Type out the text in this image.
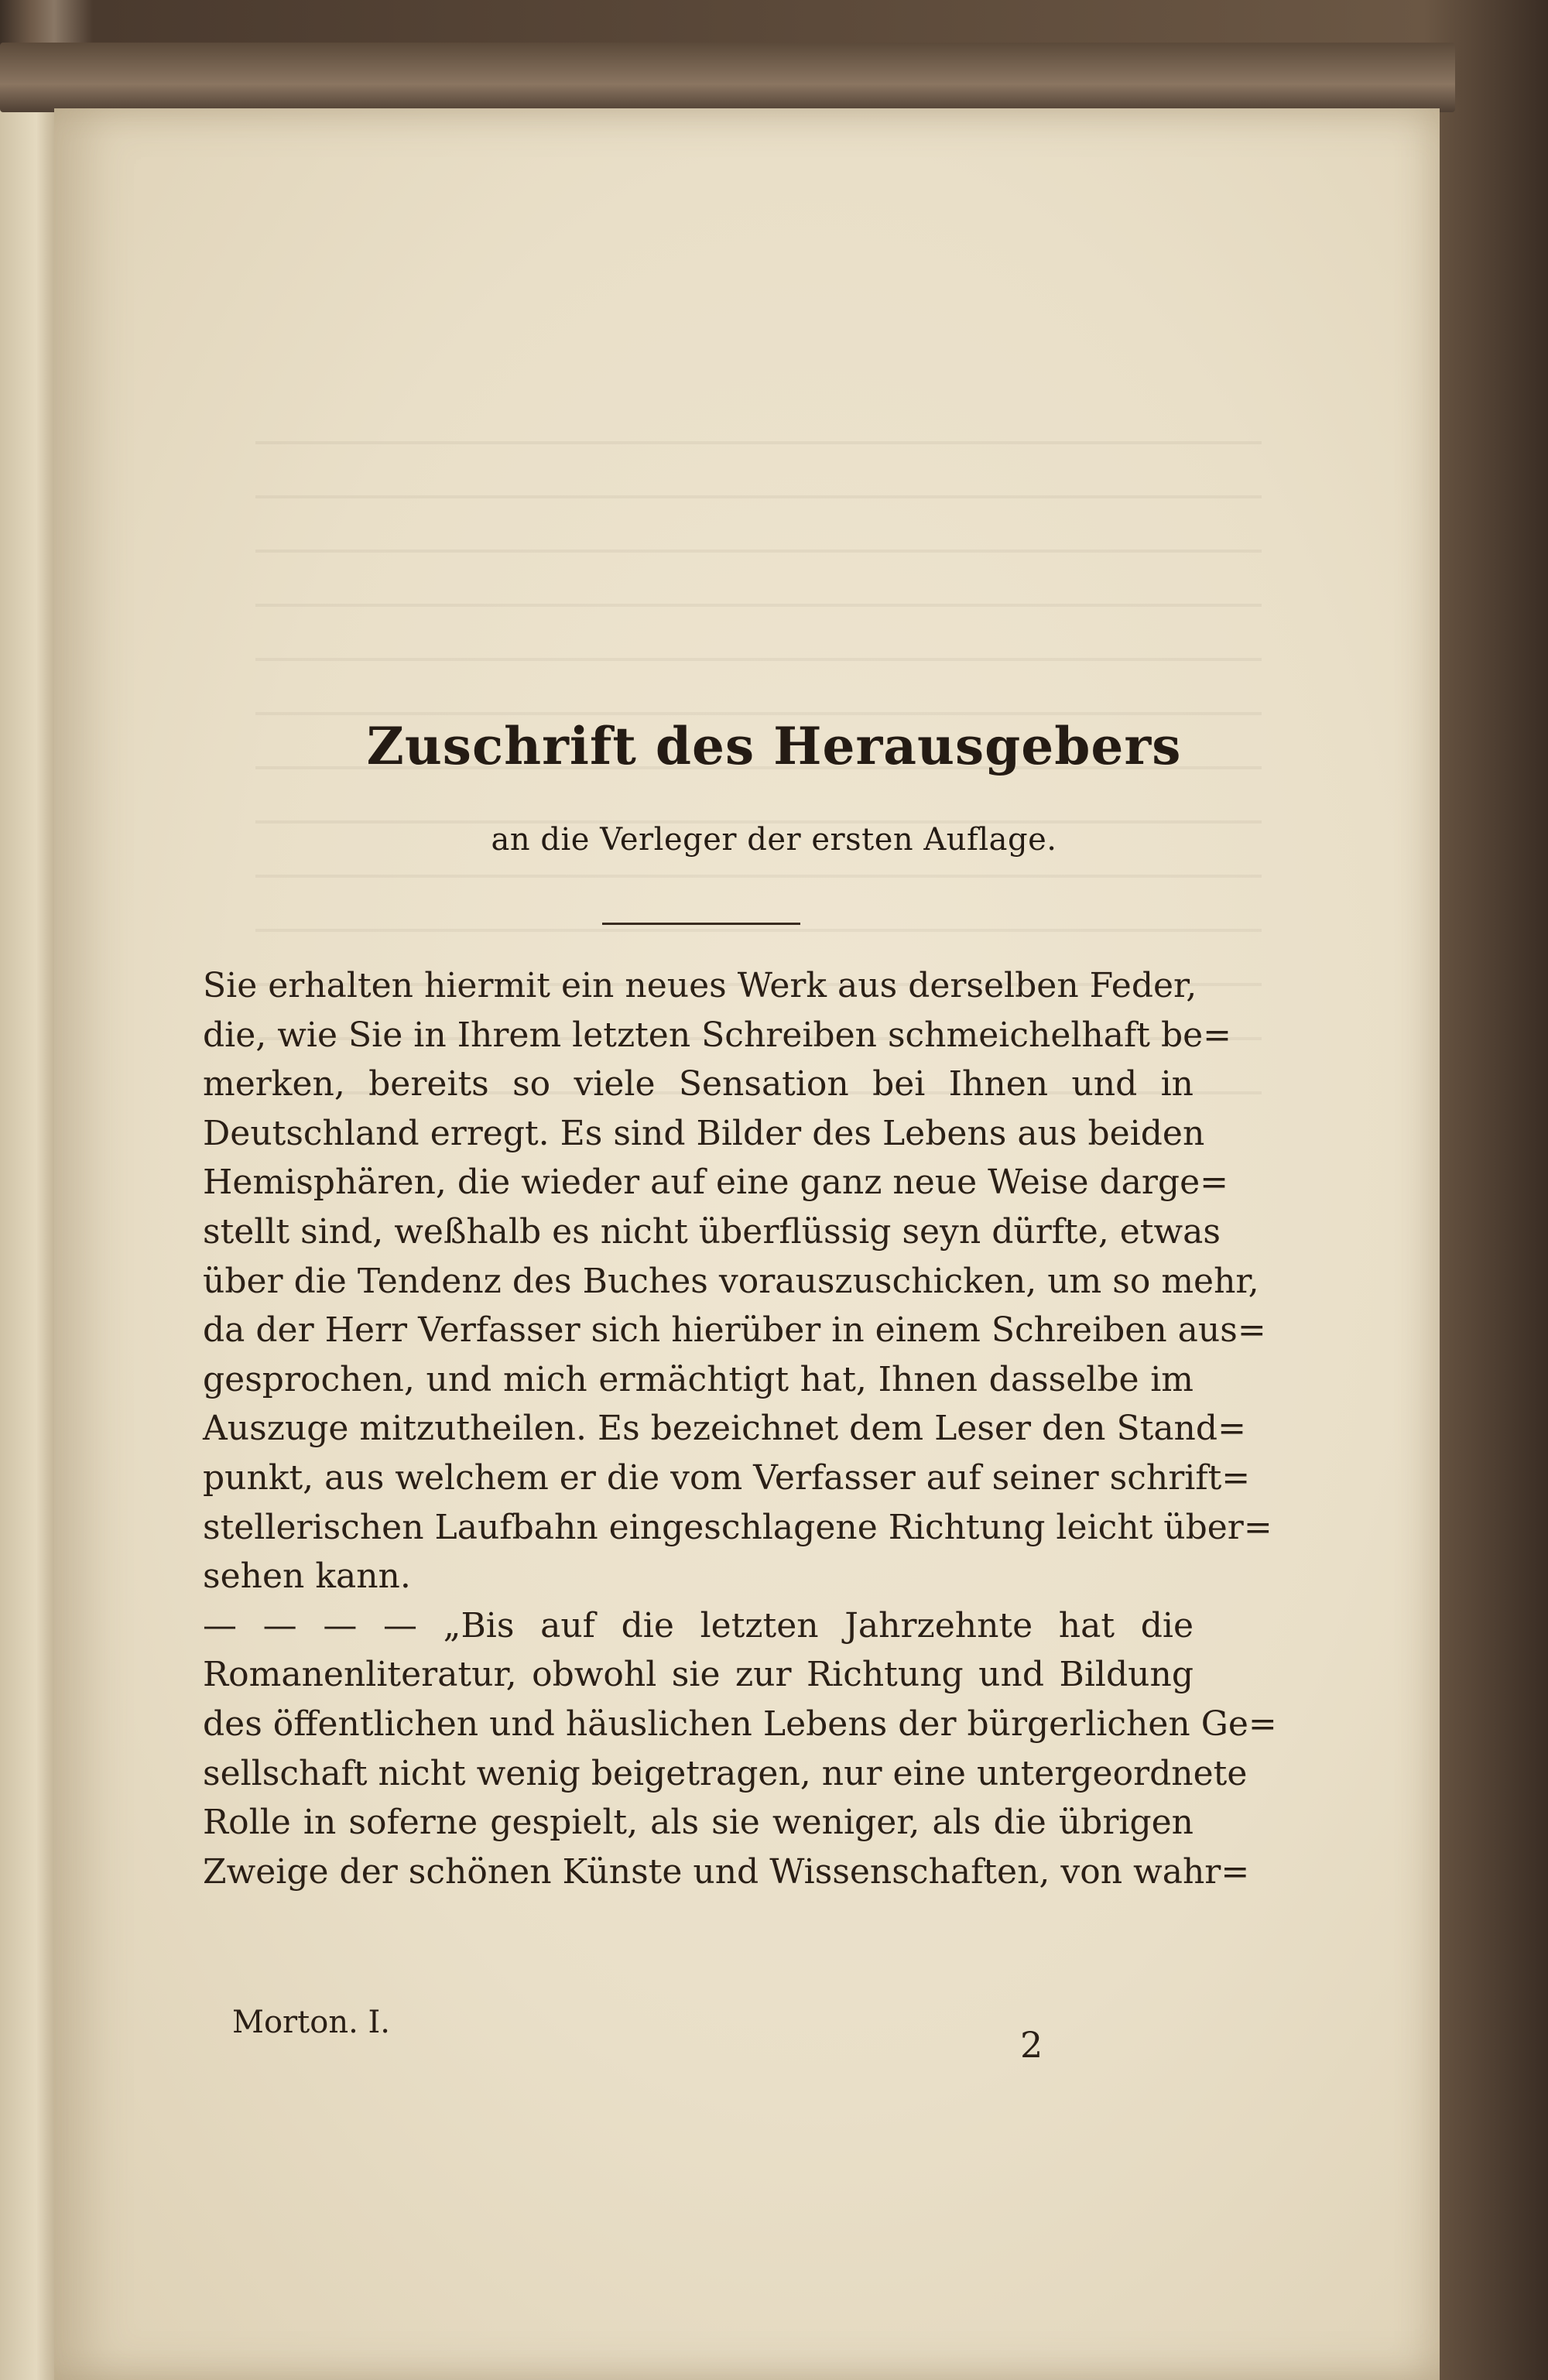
Zuschrift des Herausgebers
an die Verleger der ersten Auflage.
Sie erhalten hiermit ein neues Werk aus derselben Feder,
die, wie Sie in Ihrem letzten Schreiben schmeichelhaft be=
merken, bereits so viele Sensation bei Ihnen und in
Deutschland erregt. Es sind Bilder des Lebens aus beiden
Hemisphären, die wieder auf eine ganz neue Weise darge=
stellt sind, weßhalb es nicht überflüssig seyn dürfte, etwas
über die Tendenz des Buches vorauszuschicken, um so mehr,
da der Herr Verfasser sich hierüber in einem Schreiben aus=
gesprochen, und mich ermächtigt hat, Ihnen dasselbe im
Auszuge mitzutheilen. Es bezeichnet dem Leser den Stand=
punkt, aus welchem er die vom Verfasser auf seiner schrift=
stellerischen Laufbahn eingeschlagene Richtung leicht über=
sehen kann.
— — — — „Bis auf die letzten Jahrzehnte hat die
Romanenliteratur, obwohl sie zur Richtung und Bildung
des öffentlichen und häuslichen Lebens der bürgerlichen Ge=
sellschaft nicht wenig beigetragen, nur eine untergeordnete
Rolle in soferne gespielt, als sie weniger, als die übrigen
Zweige der schönen Künste und Wissenschaften, von wahr=
Morton. I.
2
